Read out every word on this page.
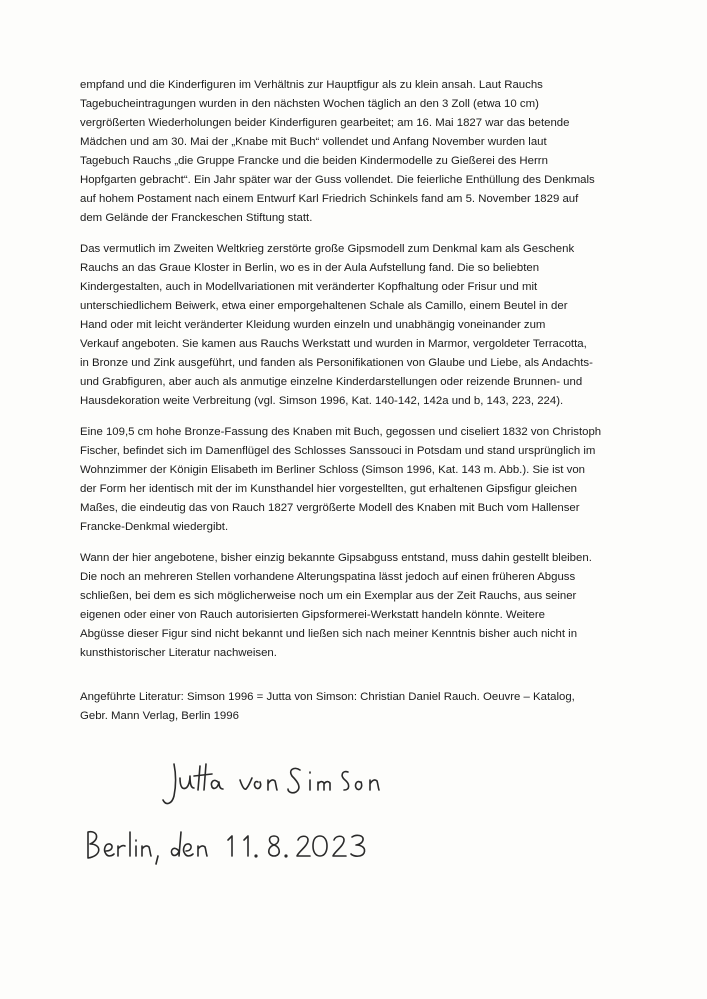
empfand und die Kinderfiguren im Verhältnis zur Hauptfigur als zu klein ansah. Laut Rauchs
Tagebucheintragungen wurden in den nächsten Wochen täglich an den 3 Zoll (etwa 10 cm)
vergrößerten Wiederholungen beider Kinderfiguren gearbeitet; am 16. Mai 1827 war das betende
Mädchen und am 30. Mai der „Knabe mit Buch“ vollendet und Anfang November wurden laut
Tagebuch Rauchs „die Gruppe Francke und die beiden Kindermodelle zu Gießerei des Herrn
Hopfgarten gebracht“. Ein Jahr später war der Guss vollendet. Die feierliche Enthüllung des Denkmals
auf hohem Postament nach einem Entwurf Karl Friedrich Schinkels fand am 5. November 1829 auf
dem Gelände der Franckeschen Stiftung statt.
Das vermutlich im Zweiten Weltkrieg zerstörte große Gipsmodell zum Denkmal kam als Geschenk
Rauchs an das Graue Kloster in Berlin, wo es in der Aula Aufstellung fand. Die so beliebten
Kindergestalten, auch in Modellvariationen mit veränderter Kopfhaltung oder Frisur und mit
unterschiedlichem Beiwerk, etwa einer emporgehaltenen Schale als Camillo, einem Beutel in der
Hand oder mit leicht veränderter Kleidung wurden einzeln und unabhängig voneinander zum
Verkauf angeboten. Sie kamen aus Rauchs Werkstatt und wurden in Marmor, vergoldeter Terracotta,
in Bronze und Zink ausgeführt, und fanden als Personifikationen von Glaube und Liebe, als Andachts-
und Grabfiguren, aber auch als anmutige einzelne Kinderdarstellungen oder reizende Brunnen- und
Hausdekoration weite Verbreitung (vgl. Simson 1996, Kat. 140-142, 142a und b, 143, 223, 224).
Eine 109,5 cm hohe Bronze-Fassung des Knaben mit Buch, gegossen und ciseliert 1832 von Christoph
Fischer, befindet sich im Damenflügel des Schlosses Sanssouci in Potsdam und stand ursprünglich im
Wohnzimmer der Königin Elisabeth im Berliner Schloss (Simson 1996, Kat. 143 m. Abb.). Sie ist von
der Form her identisch mit der im Kunsthandel hier vorgestellten, gut erhaltenen Gipsfigur gleichen
Maßes, die eindeutig das von Rauch 1827 vergrößerte Modell des Knaben mit Buch vom Hallenser
Francke-Denkmal wiedergibt.
Wann der hier angebotene, bisher einzig bekannte Gipsabguss entstand, muss dahin gestellt bleiben.
Die noch an mehreren Stellen vorhandene Alterungspatina lässt jedoch auf einen früheren Abguss
schließen, bei dem es sich möglicherweise noch um ein Exemplar aus der Zeit Rauchs, aus seiner
eigenen oder einer von Rauch autorisierten Gipsformerei-Werkstatt handeln könnte. Weitere
Abgüsse dieser Figur sind nicht bekannt und ließen sich nach meiner Kenntnis bisher auch nicht in
kunsthistorischer Literatur nachweisen.
Angeführte Literatur: Simson 1996 = Jutta von Simson: Christian Daniel Rauch. Oeuvre – Katalog,
Gebr. Mann Verlag, Berlin 1996
